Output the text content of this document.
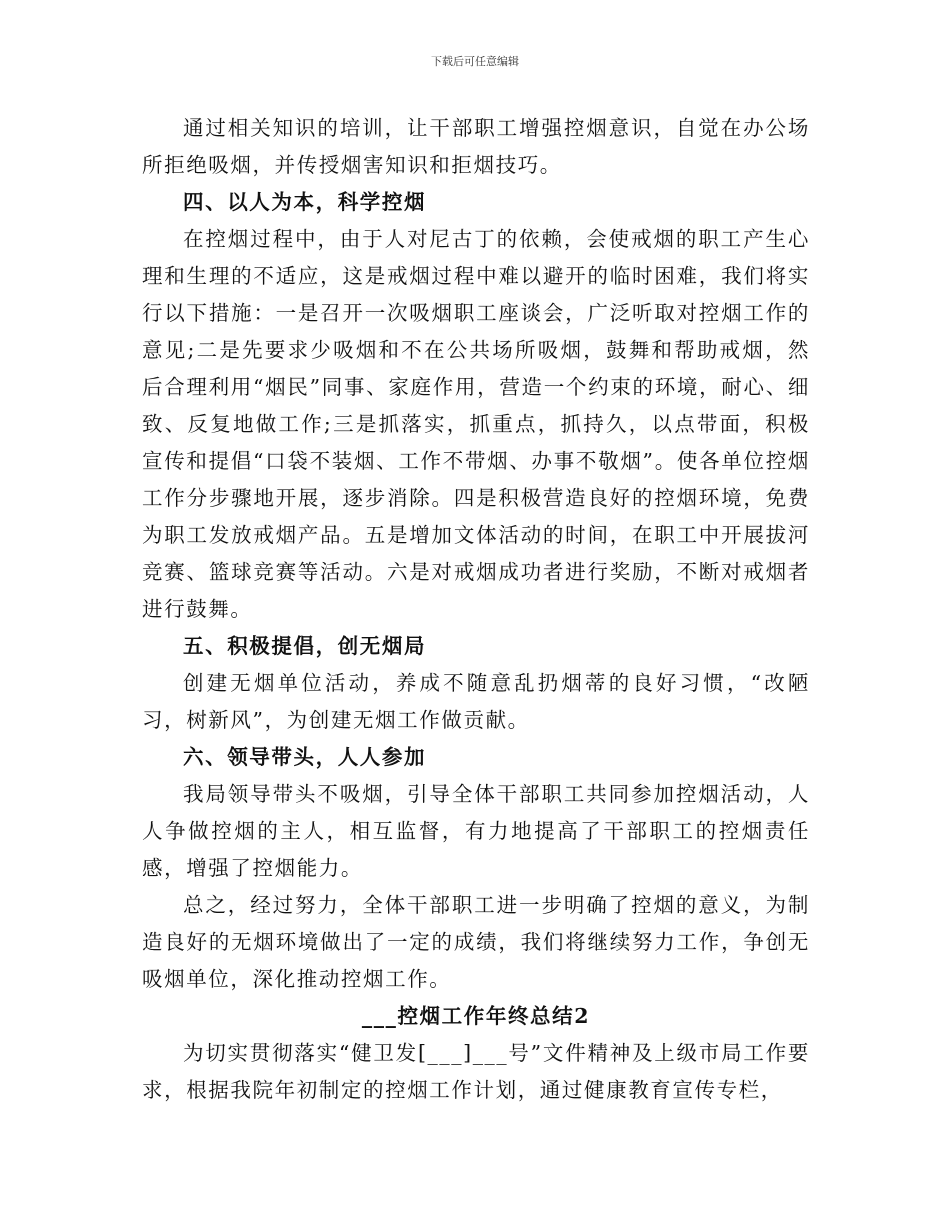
下载后可任意编辑

通过相关知识的培训，让干部职工增强控烟意识，自觉在办公场所拒绝吸烟，并传授烟害知识和拒烟技巧。

四、以人为本，科学控烟

在控烟过程中，由于人对尼古丁的依赖，会使戒烟的职工产生心理和生理的不适应，这是戒烟过程中难以避开的临时困难，我们将实行以下措施：一是召开一次吸烟职工座谈会，广泛听取对控烟工作的意见;二是先要求少吸烟和不在公共场所吸烟，鼓舞和帮助戒烟，然后合理利用“烟民”同事、家庭作用，营造一个约束的环境，耐心、细致、反复地做工作;三是抓落实，抓重点，抓持久，以点带面，积极宣传和提倡“口袋不装烟、工作不带烟、办事不敬烟”。使各单位控烟工作分步骤地开展，逐步消除。四是积极营造良好的控烟环境，免费为职工发放戒烟产品。五是增加文体活动的时间，在职工中开展拔河竞赛、篮球竞赛等活动。六是对戒烟成功者进行奖励，不断对戒烟者进行鼓舞。

五、积极提倡，创无烟局

创建无烟单位活动，养成不随意乱扔烟蒂的良好习惯，“改陋习，树新风”，为创建无烟工作做贡献。

六、领导带头，人人参加

我局领导带头不吸烟，引导全体干部职工共同参加控烟活动，人人争做控烟的主人，相互监督，有力地提高了干部职工的控烟责任感，增强了控烟能力。

总之，经过努力，全体干部职工进一步明确了控烟的意义，为制造良好的无烟环境做出了一定的成绩，我们将继续努力工作，争创无吸烟单位，深化推动控烟工作。

___控烟工作年终总结2

为切实贯彻落实“健卫发[___]___号”文件精神及上级市局工作要求，根据我院年初制定的控烟工作计划，通过健康教育宣传专栏，
